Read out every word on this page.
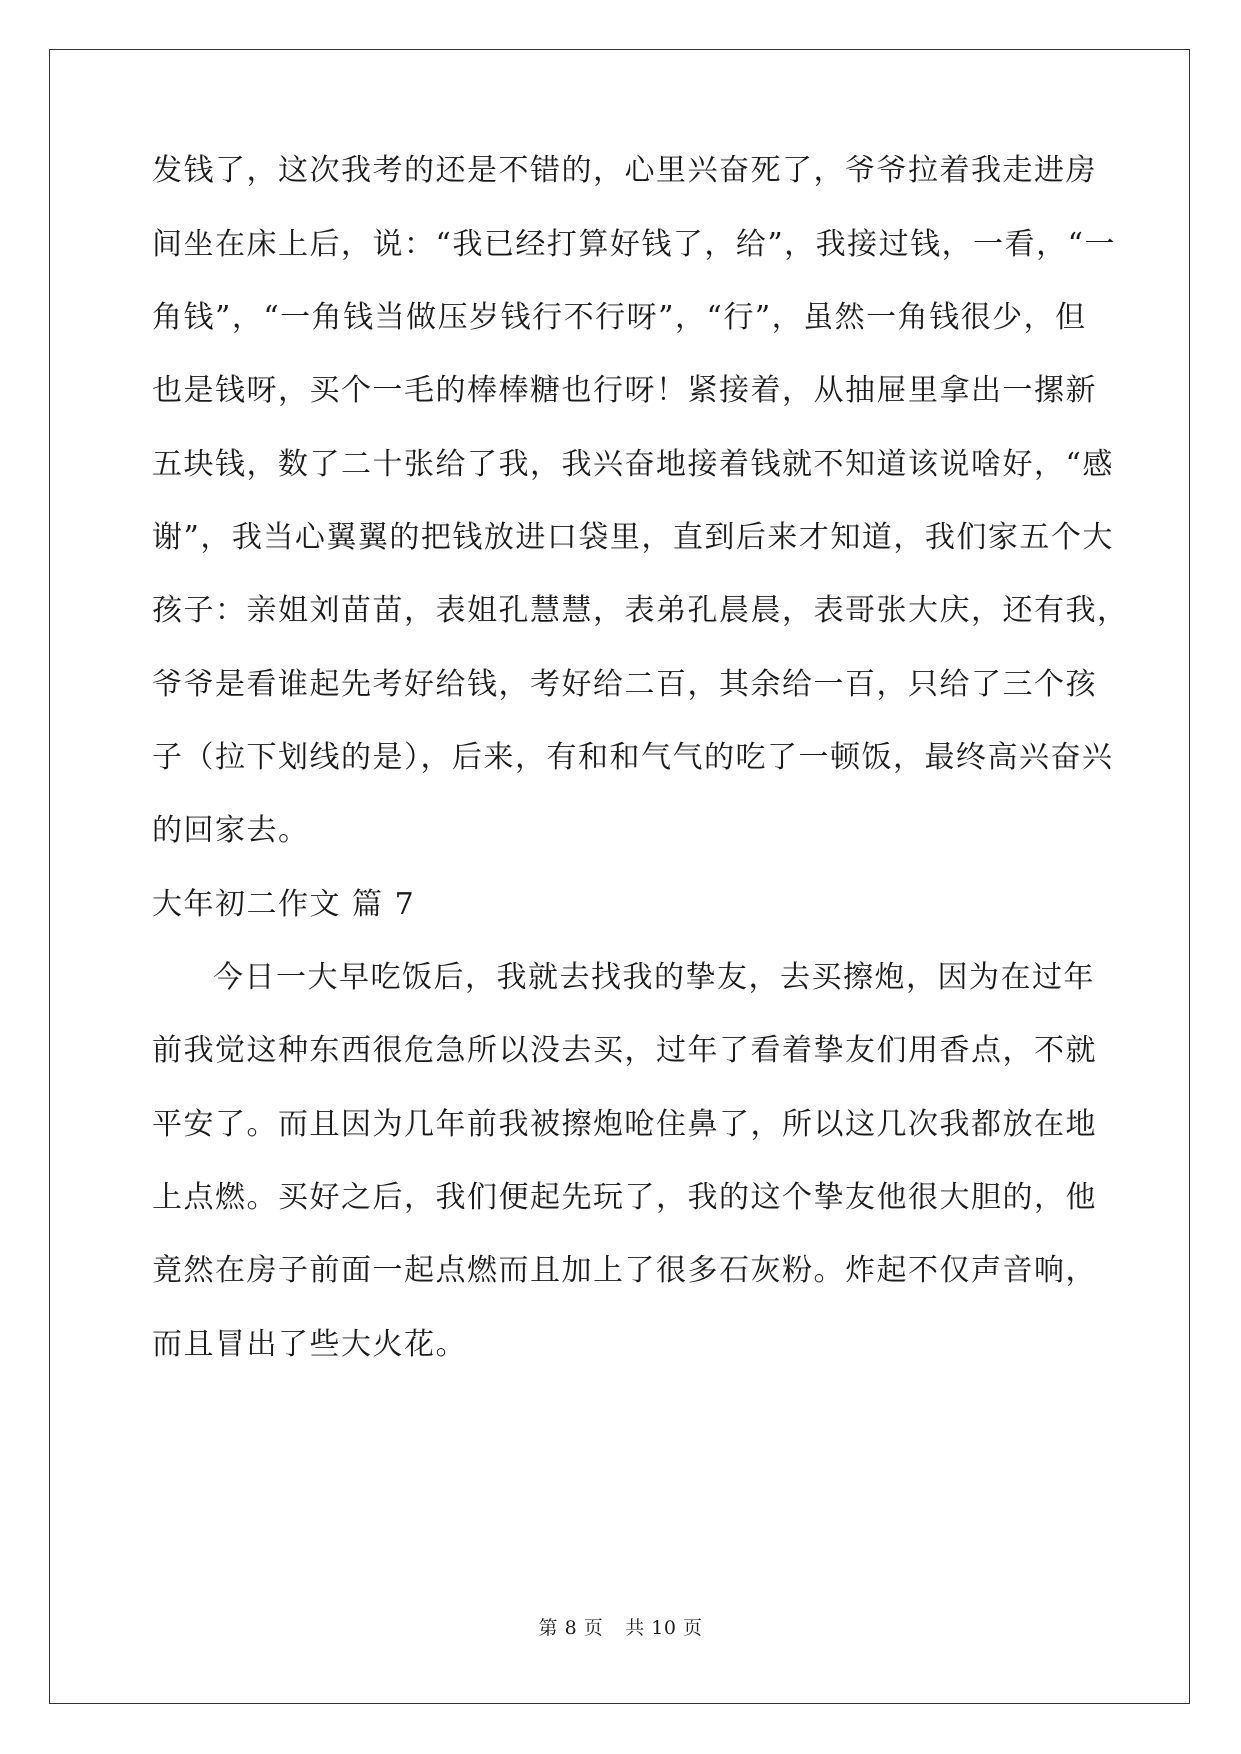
发钱了，这次我考的还是不错的，心里兴奋死了，爷爷拉着我走进房
间坐在床上后，说：“我已经打算好钱了，给”，我接过钱，一看，“一
角钱”，“一角钱当做压岁钱行不行呀”，“行”，虽然一角钱很少，但
也是钱呀，买个一毛的棒棒糖也行呀！紧接着，从抽屉里拿出一摞新
五块钱，数了二十张给了我，我兴奋地接着钱就不知道该说啥好，“感
谢”，我当心翼翼的把钱放进口袋里，直到后来才知道，我们家五个大
孩子：亲姐刘苗苗，表姐孔慧慧，表弟孔晨晨，表哥张大庆，还有我，
爷爷是看谁起先考好给钱，考好给二百，其余给一百，只给了三个孩
子（拉下划线的是），后来，有和和气气的吃了一顿饭，最终高兴奋兴
的回家去。
大年初二作文 篇 7
今日一大早吃饭后，我就去找我的挚友，去买擦炮，因为在过年
前我觉这种东西很危急所以没去买，过年了看着挚友们用香点，不就
平安了。而且因为几年前我被擦炮呛住鼻了，所以这几次我都放在地
上点燃。买好之后，我们便起先玩了，我的这个挚友他很大胆的，他
竟然在房子前面一起点燃而且加上了很多石灰粉。炸起不仅声音响，
而且冒出了些大火花。
第 8 页 共 10 页
